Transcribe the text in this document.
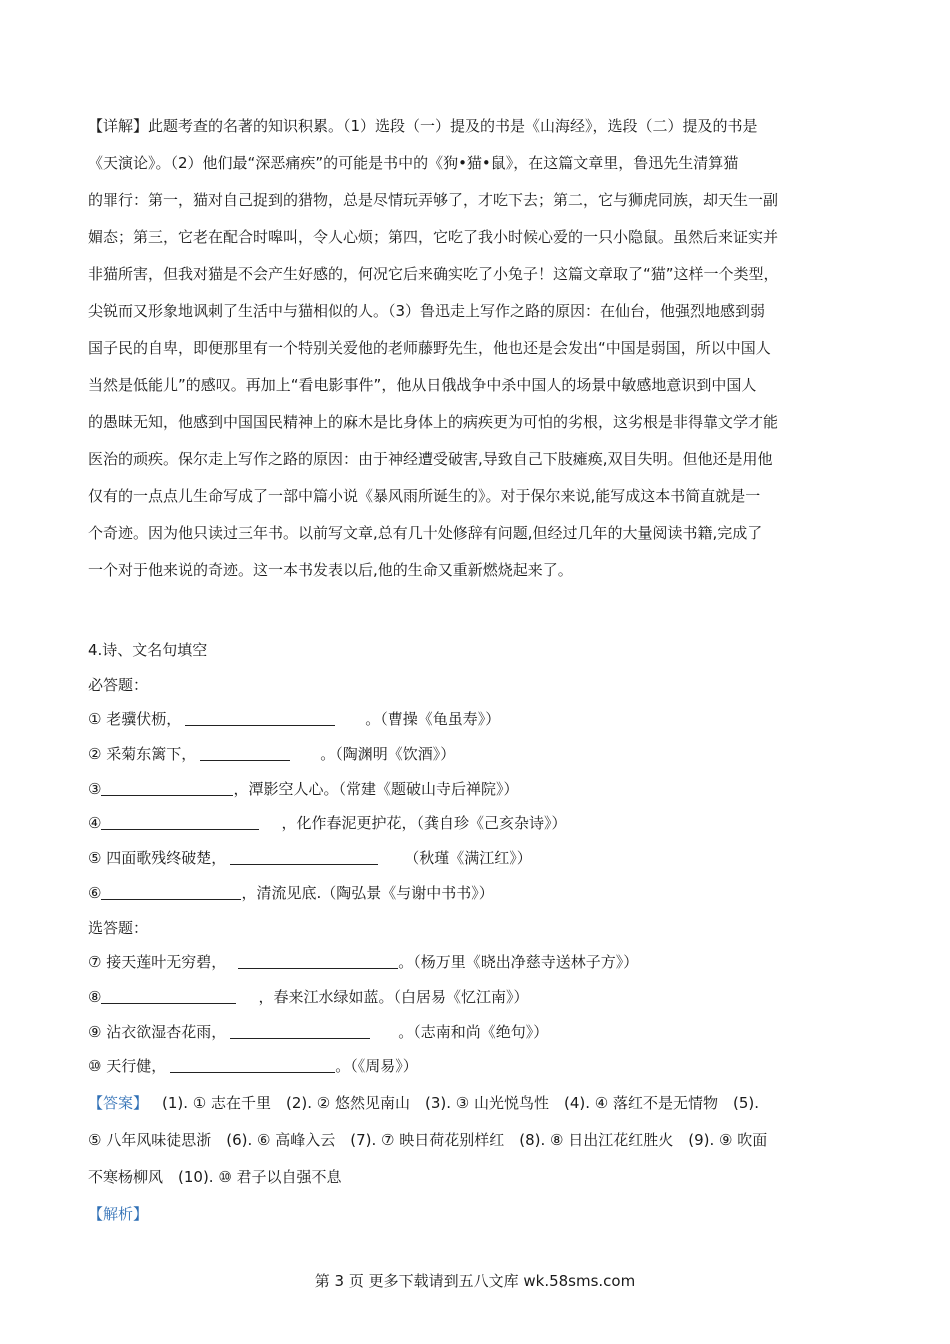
【详解】此题考查的名著的知识积累。（1）选段（一）提及的书是《山海经》，选段（二）提及的书是
《天演论》。（2）他们最“深恶痛疾”的可能是书中的《狗•猫•鼠》，在这篇文章里，鲁迅先生清算猫
的罪行：第一，猫对自己捉到的猎物，总是尽情玩弄够了，才吃下去；第二，它与狮虎同族，却天生一副
媚态；第三，它老在配合时嗥叫，令人心烦；第四，它吃了我小时候心爱的一只小隐鼠。虽然后来证实并
非猫所害，但我对猫是不会产生好感的，何况它后来确实吃了小兔子！这篇文章取了“猫”这样一个类型，
尖锐而又形象地讽刺了生活中与猫相似的人。（3）鲁迅走上写作之路的原因：在仙台，他强烈地感到弱
国子民的自卑，即便那里有一个特别关爱他的老师藤野先生，他也还是会发出“中国是弱国，所以中国人
当然是低能儿”的感叹。再加上“看电影事件”，他从日俄战争中杀中国人的场景中敏感地意识到中国人
的愚昧无知，他感到中国国民精神上的麻木是比身体上的病疾更为可怕的劣根，这劣根是非得靠文学才能
医治的顽疾。保尔走上写作之路的原因：由于神经遭受破害,导致自己下肢瘫痪,双目失明。但他还是用他
仅有的一点点儿生命写成了一部中篇小说《暴风雨所诞生的》。对于保尔来说,能写成这本书简直就是一
个奇迹。因为他只读过三年书。以前写文章,总有几十处修辞有问题,但经过几年的大量阅读书籍,完成了
一个对于他来说的奇迹。这一本书发表以后,他的生命又重新燃烧起来了。
4.诗、文名句填空
必答题：
① 老骥伏枥，	。（曹操《龟虽寿》）
② 采菊东篱下，	。（陶渊明《饮酒》）
③	，潭影空人心。（常建《题破山寺后禅院》）
④	，化作春泥更护花，（龚自珍《己亥杂诗》）
⑤ 四面歌残终破楚，	（秋瑾《满江红》）
⑥	，清流见底.（陶弘景《与谢中书书》）
选答题：
⑦ 接天莲叶无穷碧，	。（杨万里《晓出净慈寺送林子方》）
⑧	，春来江水绿如蓝。（白居易《忆江南》）
⑨ 沾衣欲湿杏花雨，	。（志南和尚《绝句》）
⑩ 天行健，	。（《周易》）
【答案】 (1). ① 志在千里　(2). ② 悠然见南山　(3). ③ 山光悦鸟性　(4). ④ 落红不是无情物　(5).
⑤ 八年风味徒思浙　(6). ⑥ 高峰入云　(7). ⑦ 映日荷花别样红　(8). ⑧ 日出江花红胜火　(9). ⑨ 吹面
不寒杨柳风　(10). ⑩ 君子以自强不息
【解析】
第 3 页 更多下载请到五八文库 wk.58sms.com
